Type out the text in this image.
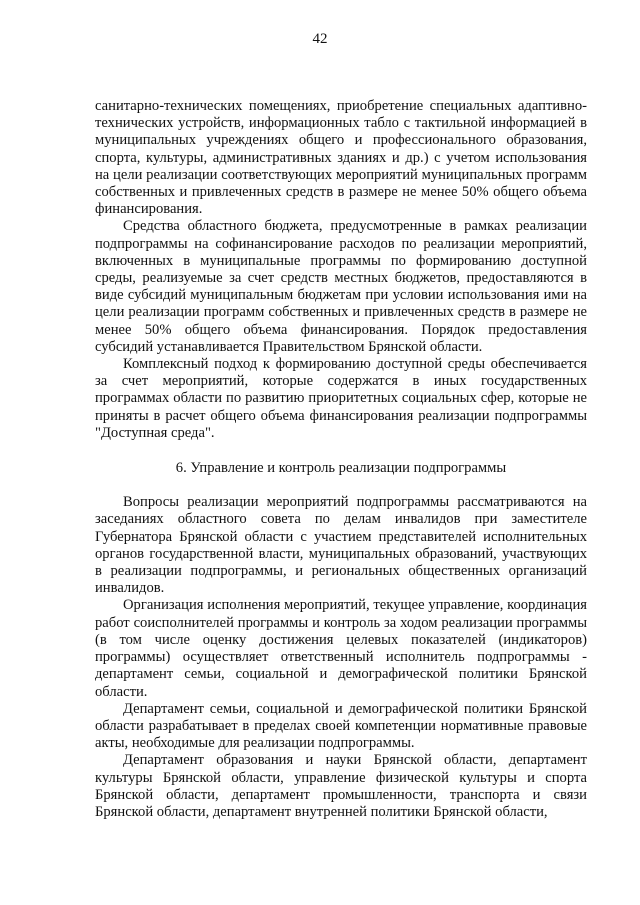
42

санитарно-технических помещениях, приобретение специальных адаптивно-технических устройств, информационных табло с тактильной информацией в муниципальных учреждениях общего и профессионального образования, спорта, культуры, административных зданиях и др.) с учетом использования на цели реализации соответствующих мероприятий муниципальных программ собственных и привлеченных средств в размере не менее 50% общего объема финансирования.

Средства областного бюджета, предусмотренные в рамках реализации подпрограммы на софинансирование расходов по реализации мероприятий, включенных в муниципальные программы по формированию доступной среды, реализуемые за счет средств местных бюджетов, предоставляются в виде субсидий муниципальным бюджетам при условии использования ими на цели реализации программ собственных и привлеченных средств в размере не менее 50% общего объема финансирования. Порядок предоставления субсидий устанавливается Правительством Брянской области.

Комплексный подход к формированию доступной среды обеспечивается за счет мероприятий, которые содержатся в иных государственных программах области по развитию приоритетных социальных сфер, которые не приняты в расчет общего объема финансирования реализации подпрограммы "Доступная среда".

6. Управление и контроль реализации подпрограммы

Вопросы реализации мероприятий подпрограммы рассматриваются на заседаниях областного совета по делам инвалидов при заместителе Губернатора Брянской области с участием представителей исполнительных органов государственной власти, муниципальных образований, участвующих в реализации подпрограммы, и региональных общественных организаций инвалидов.

Организация исполнения мероприятий, текущее управление, координация работ соисполнителей программы и контроль за ходом реализации программы (в том числе оценку достижения целевых показателей (индикаторов) программы) осуществляет ответственный исполнитель подпрограммы - департамент семьи, социальной и демографической политики Брянской области.

Департамент семьи, социальной и демографической политики Брянской области разрабатывает в пределах своей компетенции нормативные правовые акты, необходимые для реализации подпрограммы.

Департамент образования и науки Брянской области, департамент культуры Брянской области, управление физической культуры и спорта Брянской области, департамент промышленности, транспорта и связи Брянской области, департамент внутренней политики Брянской области,
